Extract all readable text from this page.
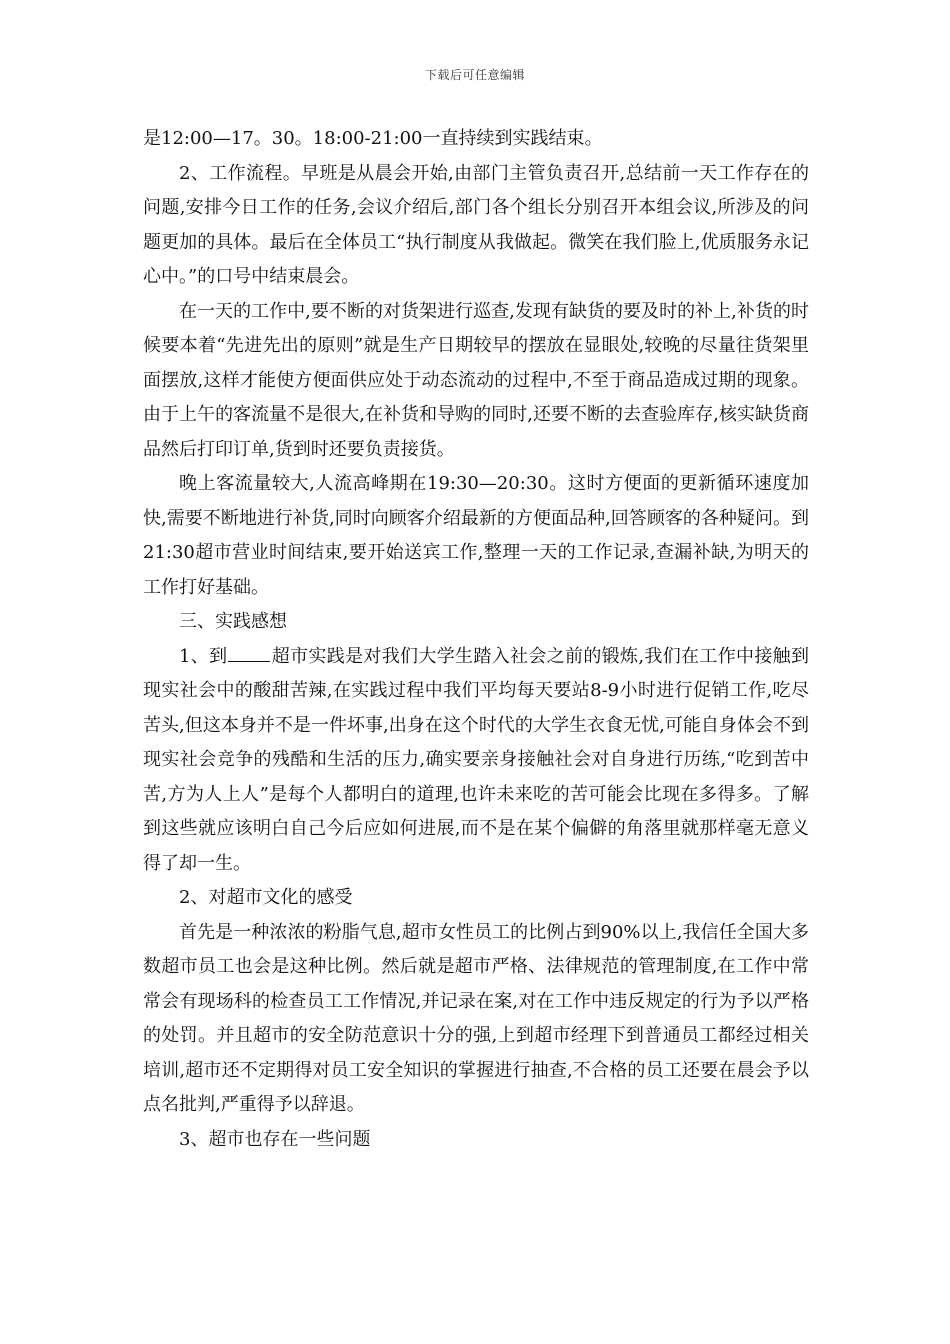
下载后可任意编辑

是12:00—17。30。18:00-21:00一直持续到实践结束。

2、工作流程。早班是从晨会开始,由部门主管负责召开,总结前一天工作存在的问题,安排今日工作的任务,会议介绍后,部门各个组长分别召开本组会议,所涉及的问题更加的具体。最后在全体员工“执行制度从我做起。微笑在我们脸上,优质服务永记心中。”的口号中结束晨会。

在一天的工作中,要不断的对货架进行巡查,发现有缺货的要及时的补上,补货的时候要本着“先进先出的原则”就是生产日期较早的摆放在显眼处,较晚的尽量往货架里面摆放,这样才能使方便面供应处于动态流动的过程中,不至于商品造成过期的现象。由于上午的客流量不是很大,在补货和导购的同时,还要不断的去查验库存,核实缺货商品然后打印订单,货到时还要负责接货。

晚上客流量较大,人流高峰期在19:30—20:30。这时方便面的更新循环速度加快,需要不断地进行补货,同时向顾客介绍最新的方便面品种,回答顾客的各种疑问。到21:30超市营业时间结束,要开始送宾工作,整理一天的工作记录,查漏补缺,为明天的工作打好基础。

三、实践感想

1、到 超市实践是对我们大学生踏入社会之前的锻炼,我们在工作中接触到现实社会中的酸甜苦辣,在实践过程中我们平均每天要站8-9小时进行促销工作,吃尽苦头,但这本身并不是一件坏事,出身在这个时代的大学生衣食无忧,可能自身体会不到现实社会竞争的残酷和生活的压力,确实要亲身接触社会对自身进行历练,“吃到苦中苦,方为人上人”是每个人都明白的道理,也许未来吃的苦可能会比现在多得多。了解到这些就应该明白自己今后应如何进展,而不是在某个偏僻的角落里就那样毫无意义得了却一生。

2、对超市文化的感受

首先是一种浓浓的粉脂气息,超市女性员工的比例占到90%以上,我信任全国大多数超市员工也会是这种比例。然后就是超市严格、法律规范的管理制度,在工作中常常会有现场科的检查员工工作情况,并记录在案,对在工作中违反规定的行为予以严格的处罚。并且超市的安全防范意识十分的强,上到超市经理下到普通员工都经过相关培训,超市还不定期得对员工安全知识的掌握进行抽查,不合格的员工还要在晨会予以点名批判,严重得予以辞退。

3、超市也存在一些问题
